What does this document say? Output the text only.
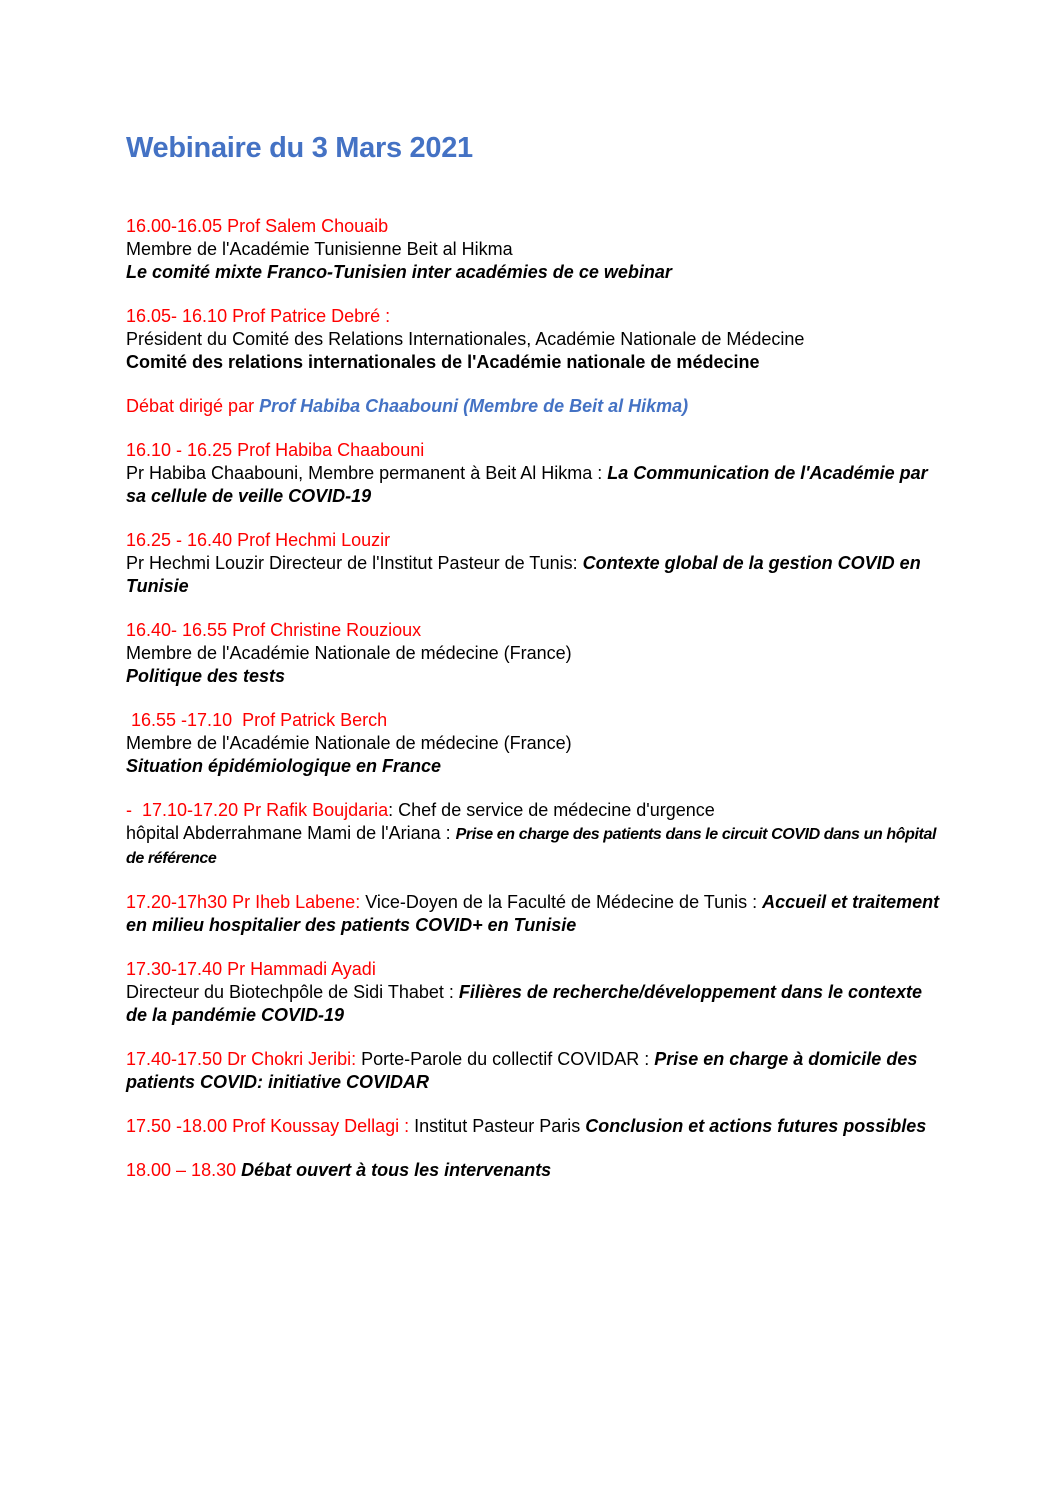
Webinaire du 3 Mars 2021

16.00-16.05 Prof Salem Chouaib

Membre de l'Académie Tunisienne Beit al Hikma

Le comité mixte Franco-Tunisien inter académies de ce webinar

16.05- 16.10 Prof Patrice Debré :

Président du Comité des Relations Internationales, Académie Nationale de Médecine

Comité des relations internationales de l'Académie nationale de médecine

Débat dirigé par Prof Habiba Chaabouni (Membre de Beit al Hikma)

16.10 - 16.25 Prof Habiba Chaabouni

Pr Habiba Chaabouni, Membre permanent à Beit Al Hikma : La Communication de l'Académie par sa cellule de veille COVID-19

16.25 - 16.40 Prof Hechmi Louzir

Pr Hechmi Louzir Directeur de l'Institut Pasteur de Tunis: Contexte global de la gestion COVID en Tunisie

16.40- 16.55 Prof Christine Rouzioux

Membre de l'Académie Nationale de médecine (France)

Politique des tests

16.55 -17.10  Prof Patrick Berch

Membre de l'Académie Nationale de médecine (France)

Situation épidémiologique en France

-  17.10-17.20 Pr Rafik Boujdaria: Chef de service de médecine d'urgence

hôpital Abderrahmane Mami de l'Ariana : Prise en charge des patients dans le circuit COVID dans un hôpital de référence

17.20-17h30 Pr Iheb Labene: Vice-Doyen de la Faculté de Médecine de Tunis : Accueil et traitement en milieu hospitalier des patients COVID+ en Tunisie

17.30-17.40 Pr Hammadi Ayadi

Directeur du Biotechpôle de Sidi Thabet : Filières de recherche/développement dans le contexte de la pandémie COVID-19

17.40-17.50 Dr Chokri Jeribi: Porte-Parole du collectif COVIDAR : Prise en charge à domicile des patients COVID: initiative COVIDAR

17.50 -18.00 Prof Koussay Dellagi : Institut Pasteur Paris Conclusion et actions futures possibles

18.00 – 18.30 Débat ouvert à tous les intervenants
